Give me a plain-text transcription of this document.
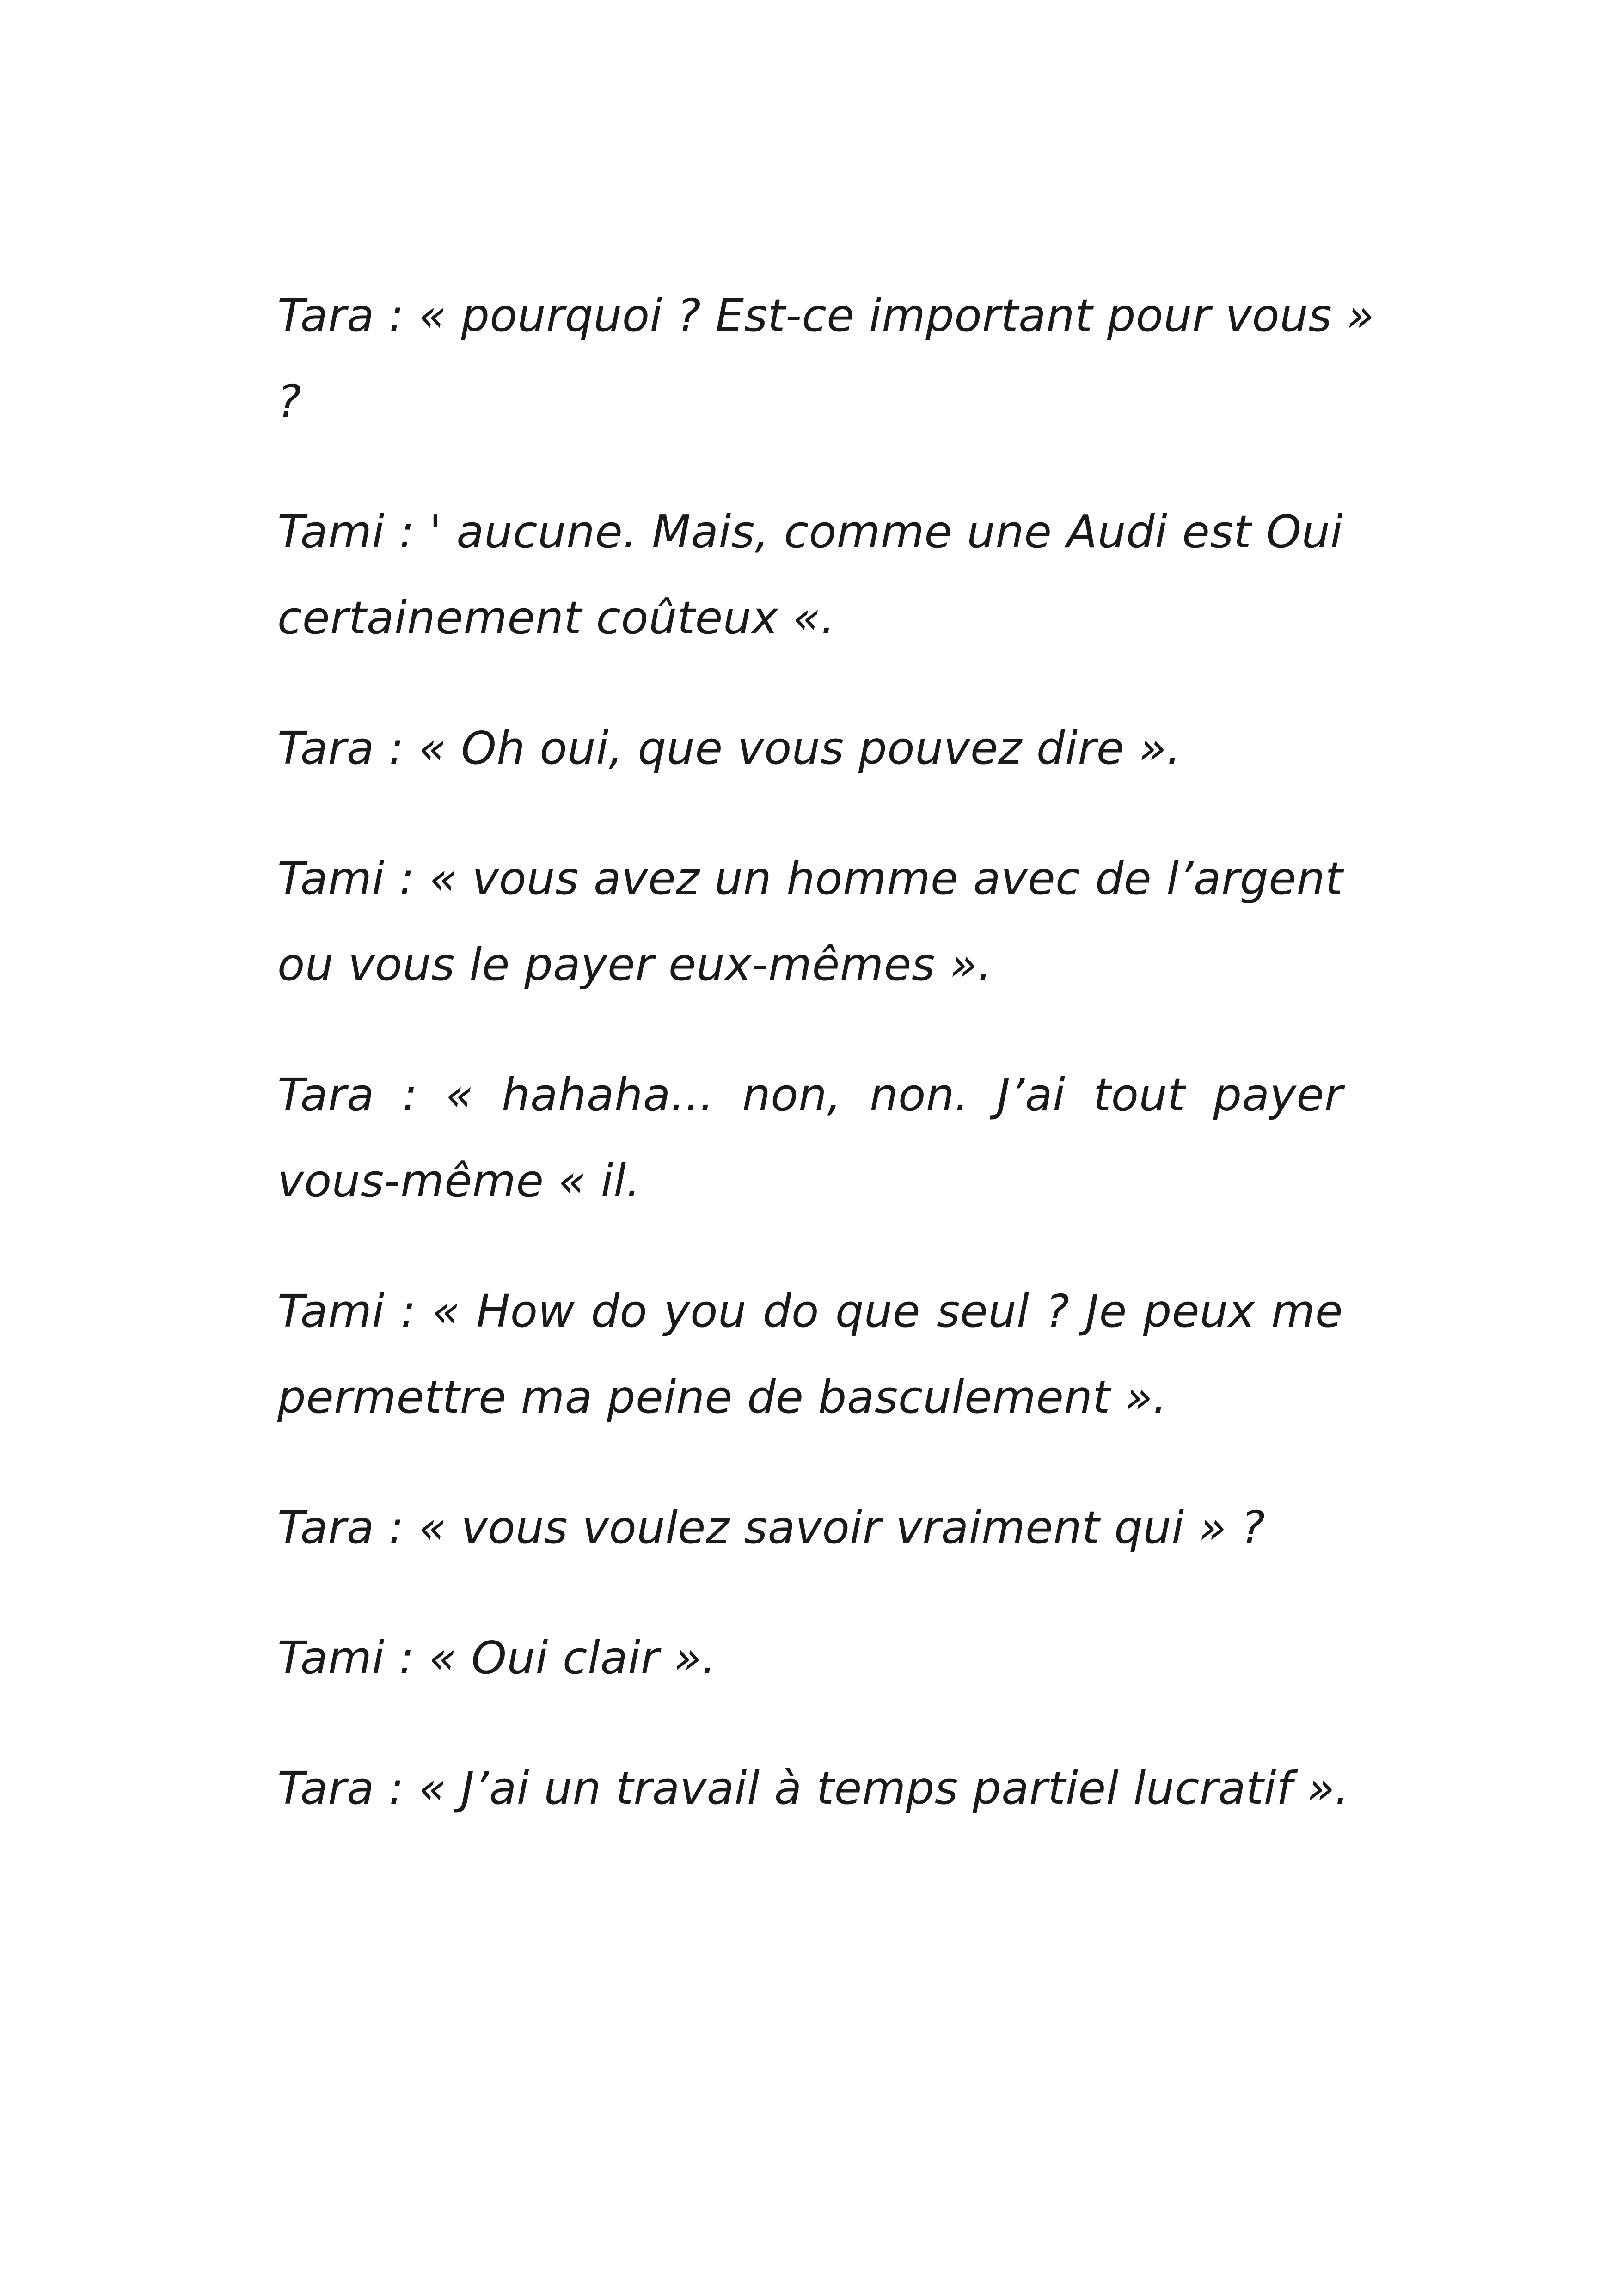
Tara : « pourquoi ? Est-ce important pour vous »
?

Tami : ' aucune. Mais, comme une Audi est Oui
certainement coûteux «.

Tara : « Oh oui, que vous pouvez dire ».

Tami : « vous avez un homme avec de l’argent
ou vous le payer eux-mêmes ».

Tara : « hahaha... non, non. J’ai tout payer
vous-même « il.

Tami : « How do you do que seul ? Je peux me
permettre ma peine de basculement ».

Tara : « vous voulez savoir vraiment qui » ?

Tami : « Oui clair ».

Tara : « J’ai un travail à temps partiel lucratif ».
